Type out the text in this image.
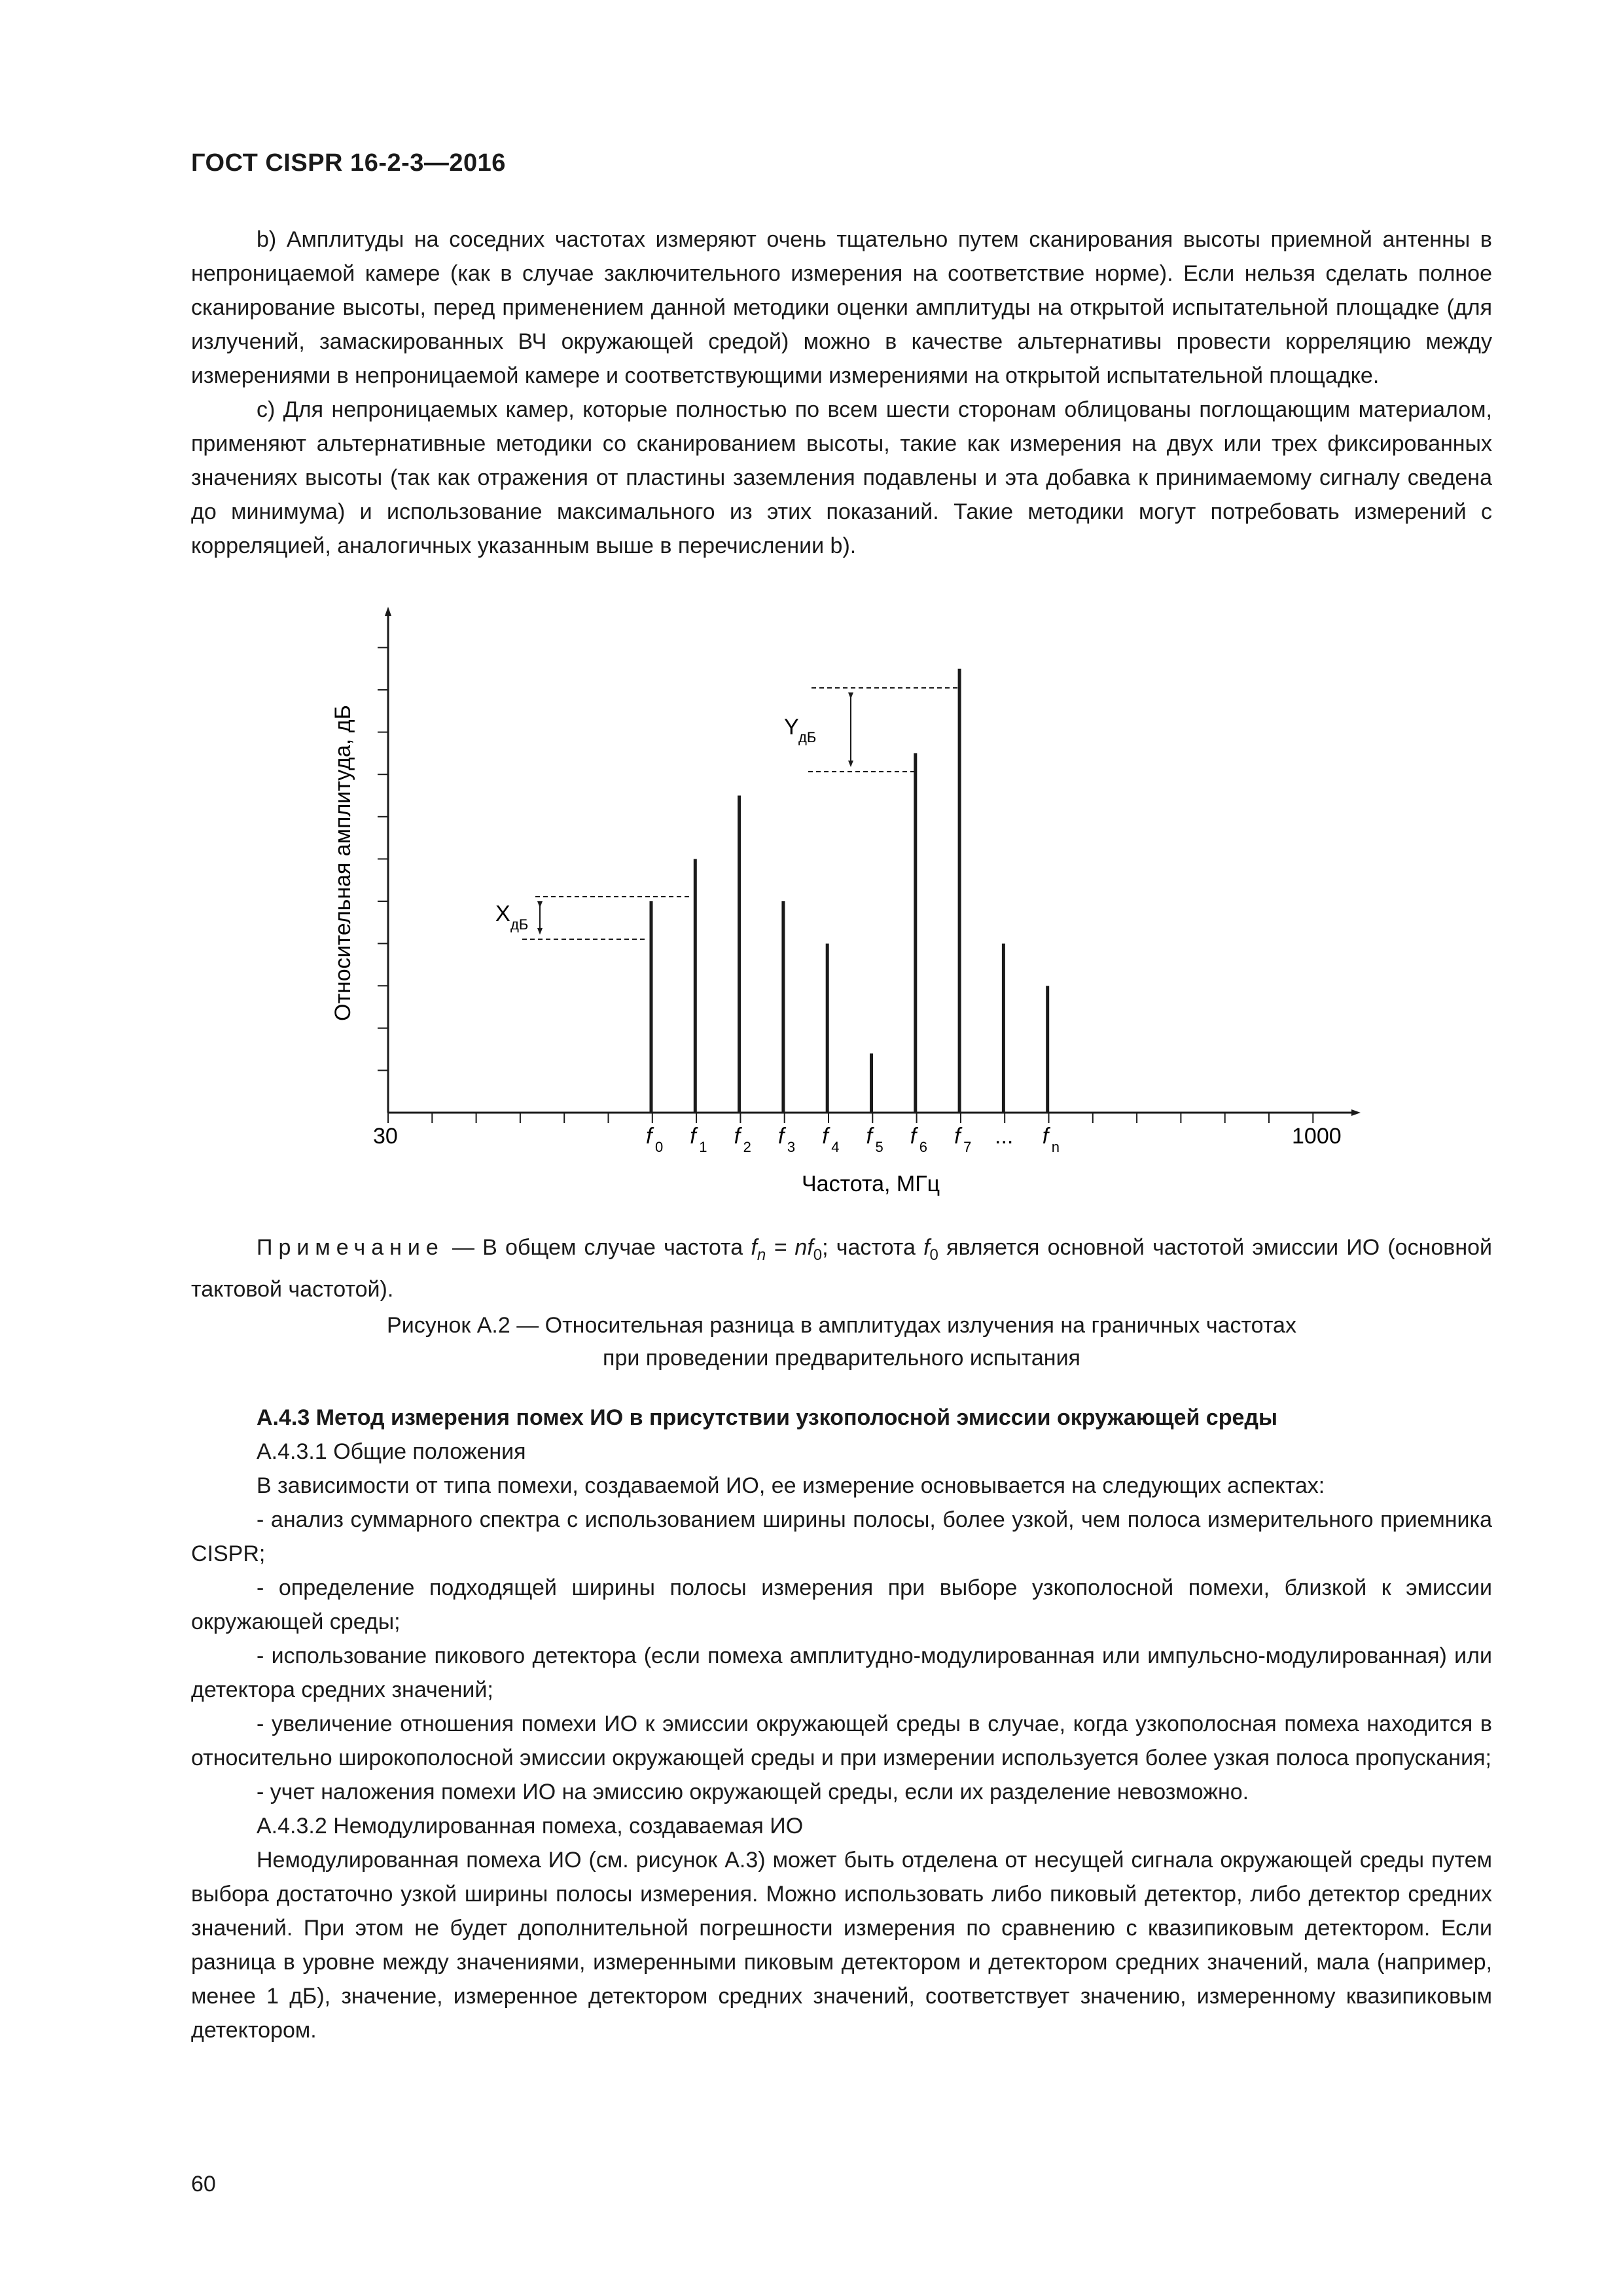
ГОСТ CISPR 16-2-3—2016

b) Амплитуды на соседних частотах измеряют очень тщательно путем сканирования высоты приемной антенны в непроницаемой камере (как в случае заключительного измерения на соответствие норме). Если нельзя сделать полное сканирование высоты, перед применением данной методики оценки амплитуды на открытой испытательной площадке (для излучений, замаскированных ВЧ окружающей средой) можно в качестве альтернативы провести корреляцию между измерениями в непроницаемой камере и соответствующими измерениями на открытой испытательной площадке.

c) Для непроницаемых камер, которые полностью по всем шести сторонам облицованы поглощающим материалом, применяют альтернативные методики со сканированием высоты, такие как измерения на двух или трех фиксированных значениях высоты (так как отражения от пластины заземления подавлены и эта добавка к принимаемому сигналу сведена до минимума) и использование максимального из этих показаний. Такие методики могут потребовать измерений с корреляцией, аналогичных указанным выше в перечислении b).

f 0 f 1 f 2 f 3 f 4 f 5 f 6 f 7	f n
X дБ
Y дБ
Относительная амплитуда, дБ
Частота, МГц
30	1000
...
Примечание — В общем случае частота $f_n = nf_0$; частота $f_0$ является основной частотой эмиссии ИО (основной тактовой частотой).
Рисунок А.2 — Относительная разница в амплитудах излучения на граничных частотах
при проведении предварительного испытания

А.4.3 Метод измерения помех ИО в присутствии узкополосной эмиссии окружающей среды

А.4.3.1 Общие положения

В зависимости от типа помехи, создаваемой ИО, ее измерение основывается на следующих аспектах:

- анализ суммарного спектра с использованием ширины полосы, более узкой, чем полоса измерительного приемника CISPR;

- определение подходящей ширины полосы измерения при выборе узкополосной помехи, близкой к эмиссии окружающей среды;

- использование пикового детектора (если помеха амплитудно-модулированная или импульсно-модулированная) или детектора средних значений;

- увеличение отношения помехи ИО к эмиссии окружающей среды в случае, когда узкополосная помеха находится в относительно широкополосной эмиссии окружающей среды и при измерении используется более узкая полоса пропускания;

- учет наложения помехи ИО на эмиссию окружающей среды, если их разделение невозможно.

А.4.3.2 Немодулированная помеха, создаваемая ИО

Немодулированная помеха ИО (см. рисунок А.3) может быть отделена от несущей сигнала окружающей среды путем выбора достаточно узкой ширины полосы измерения. Можно использовать либо пиковый детектор, либо детектор средних значений. При этом не будет дополнительной погрешности измерения по сравнению с квазипиковым детектором. Если разница в уровне между значениями, измеренными пиковым детектором и детектором средних значений, мала (например, менее 1 дБ), значение, измеренное детектором средних значений, соответствует значению, измеренному квазипиковым детектором.

60
